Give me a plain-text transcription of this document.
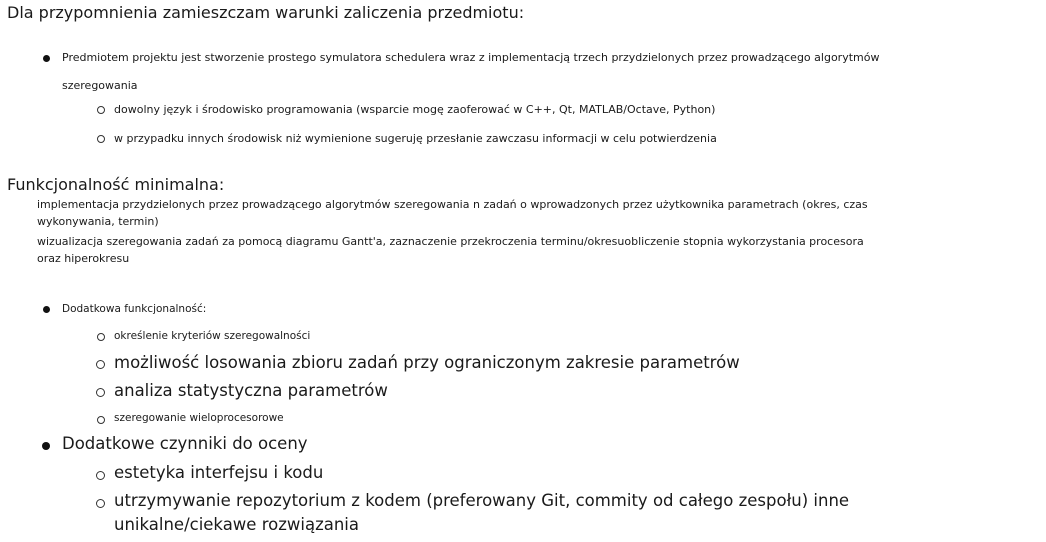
Dla przypomnienia zamieszczam warunki zaliczenia przedmiotu:
Predmiotem projektu jest stworzenie prostego symulatora schedulera wraz z implementacją trzech przydzielonych przez prowadzącego algorytmów
szeregowania
dowolny język i środowisko programowania (wsparcie mogę zaoferować w C++, Qt, MATLAB/Octave, Python)
w przypadku innych środowisk niż wymienione sugeruję przesłanie zawczasu informacji w celu potwierdzenia
Funkcjonalność minimalna:
implementacja przydzielonych przez prowadzącego algorytmów szeregowania n zadań o wprowadzonych przez użytkownika parametrach (okres, czas
wykonywania, termin)
wizualizacja szeregowania zadań za pomocą diagramu Gantt'a, zaznaczenie przekroczenia terminu/okresuobliczenie stopnia wykorzystania procesora
oraz hiperokresu
Dodatkowa funkcjonalność:
określenie kryteriów szeregowalności
możliwość losowania zbioru zadań przy ograniczonym zakresie parametrów
analiza statystyczna parametrów
szeregowanie wieloprocesorowe
Dodatkowe czynniki do oceny
estetyka interfejsu i kodu
utrzymywanie repozytorium z kodem (preferowany Git, commity od całego zespołu) inne
unikalne/ciekawe rozwiązania
